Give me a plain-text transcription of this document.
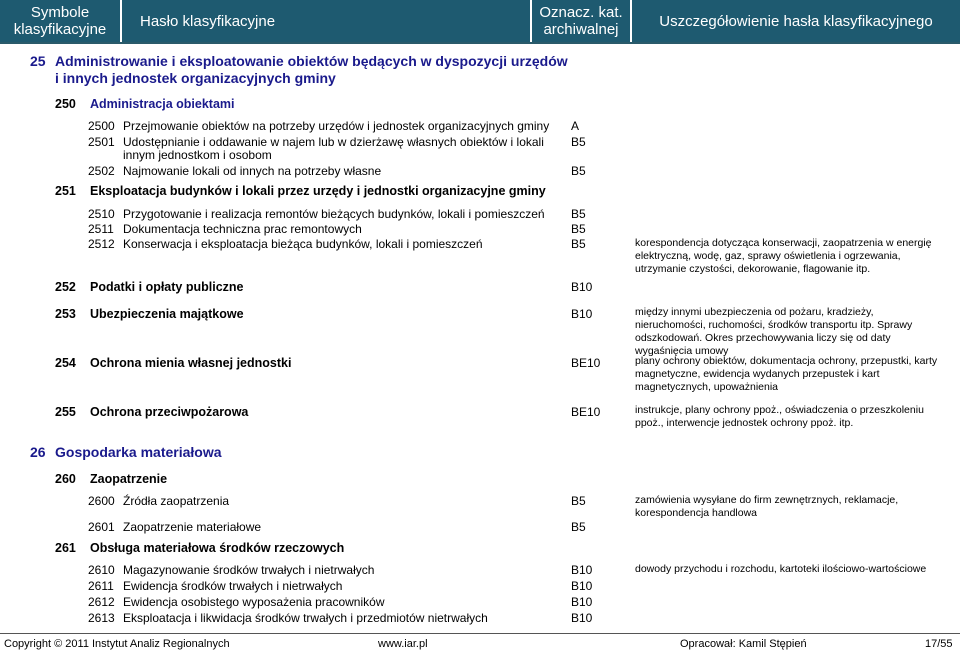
Symbole klasyfikacyjne	Hasło klasyfikacyjne	Oznacz. kat. archiwalnej	Uszczegółowienie hasła klasyfikacyjnego
25 Administrowanie i eksploatowanie obiektów będących w dyspozycji urzędów
i innych jednostek organizacyjnych gminy
250 Administracja obiektami
2500 Przejmowanie obiektów na potrzeby urzędów i jednostek organizacyjnych gminy A
2501 Udostępnianie i oddawanie w najem lub w dzierżawę własnych obiektów i lokali
innym jednostkom i osobom
B5
2502 Najmowanie lokali od innych na potrzeby własne	B5
251 Eksploatacja budynków i lokali przez urzędy i jednostki organizacyjne gminy
2510 Przygotowanie i realizacja remontów bieżących budynków, lokali i pomieszczeń B5
2511 Dokumentacja techniczna prac remontowych	B5
2512 Konserwacja i eksploatacja bieżąca budynków, lokali i pomieszczeń	B5	korespondencja dotycząca konserwacji, zaopatrzenia w energię elektryczną, wodę, gaz, sprawy oświetlenia i ogrzewania, utrzymanie czystości, dekorowanie, flagowanie itp.
252 Podatki i opłaty publiczne	B10
253 Ubezpieczenia majątkowe	B10	między innymi ubezpieczenia od pożaru, kradzieży, nieruchomości, ruchomości, środków transportu itp. Sprawy odszkodowań. Okres przechowywania liczy się od daty wygaśnięcia umowy
254 Ochrona mienia własnej jednostki	BE10	plany ochrony obiektów, dokumentacja ochrony, przepustki, karty magnetyczne, ewidencja wydanych przepustek i kart magnetycznych, upoważnienia
255 Ochrona przeciwpożarowa	BE10	instrukcje, plany ochrony ppoż., oświadczenia o przeszkoleniu ppoż., interwencje jednostek ochrony ppoż. itp.
26 Gospodarka materiałowa
260 Zaopatrzenie
2600 Źródła zaopatrzenia	B5	zamówienia wysyłane do firm zewnętrznych, reklamacje, korespondencja handlowa
2601 Zaopatrzenie materiałowe	B5
261 Obsługa materiałowa środków rzeczowych
2610 Magazynowanie środków trwałych i nietrwałych	B10	dowody przychodu i rozchodu, kartoteki ilościowo-wartościowe
2611 Ewidencja środków trwałych i nietrwałych	B10
2612 Ewidencja osobistego wyposażenia pracowników	B10
2613 Eksploatacja i likwidacja środków trwałych i przedmiotów nietrwałych	B10
Copyright © 2011 Instytut Analiz Regionalnych	www.iar.pl	Opracował: Kamil Stępień	17/55
